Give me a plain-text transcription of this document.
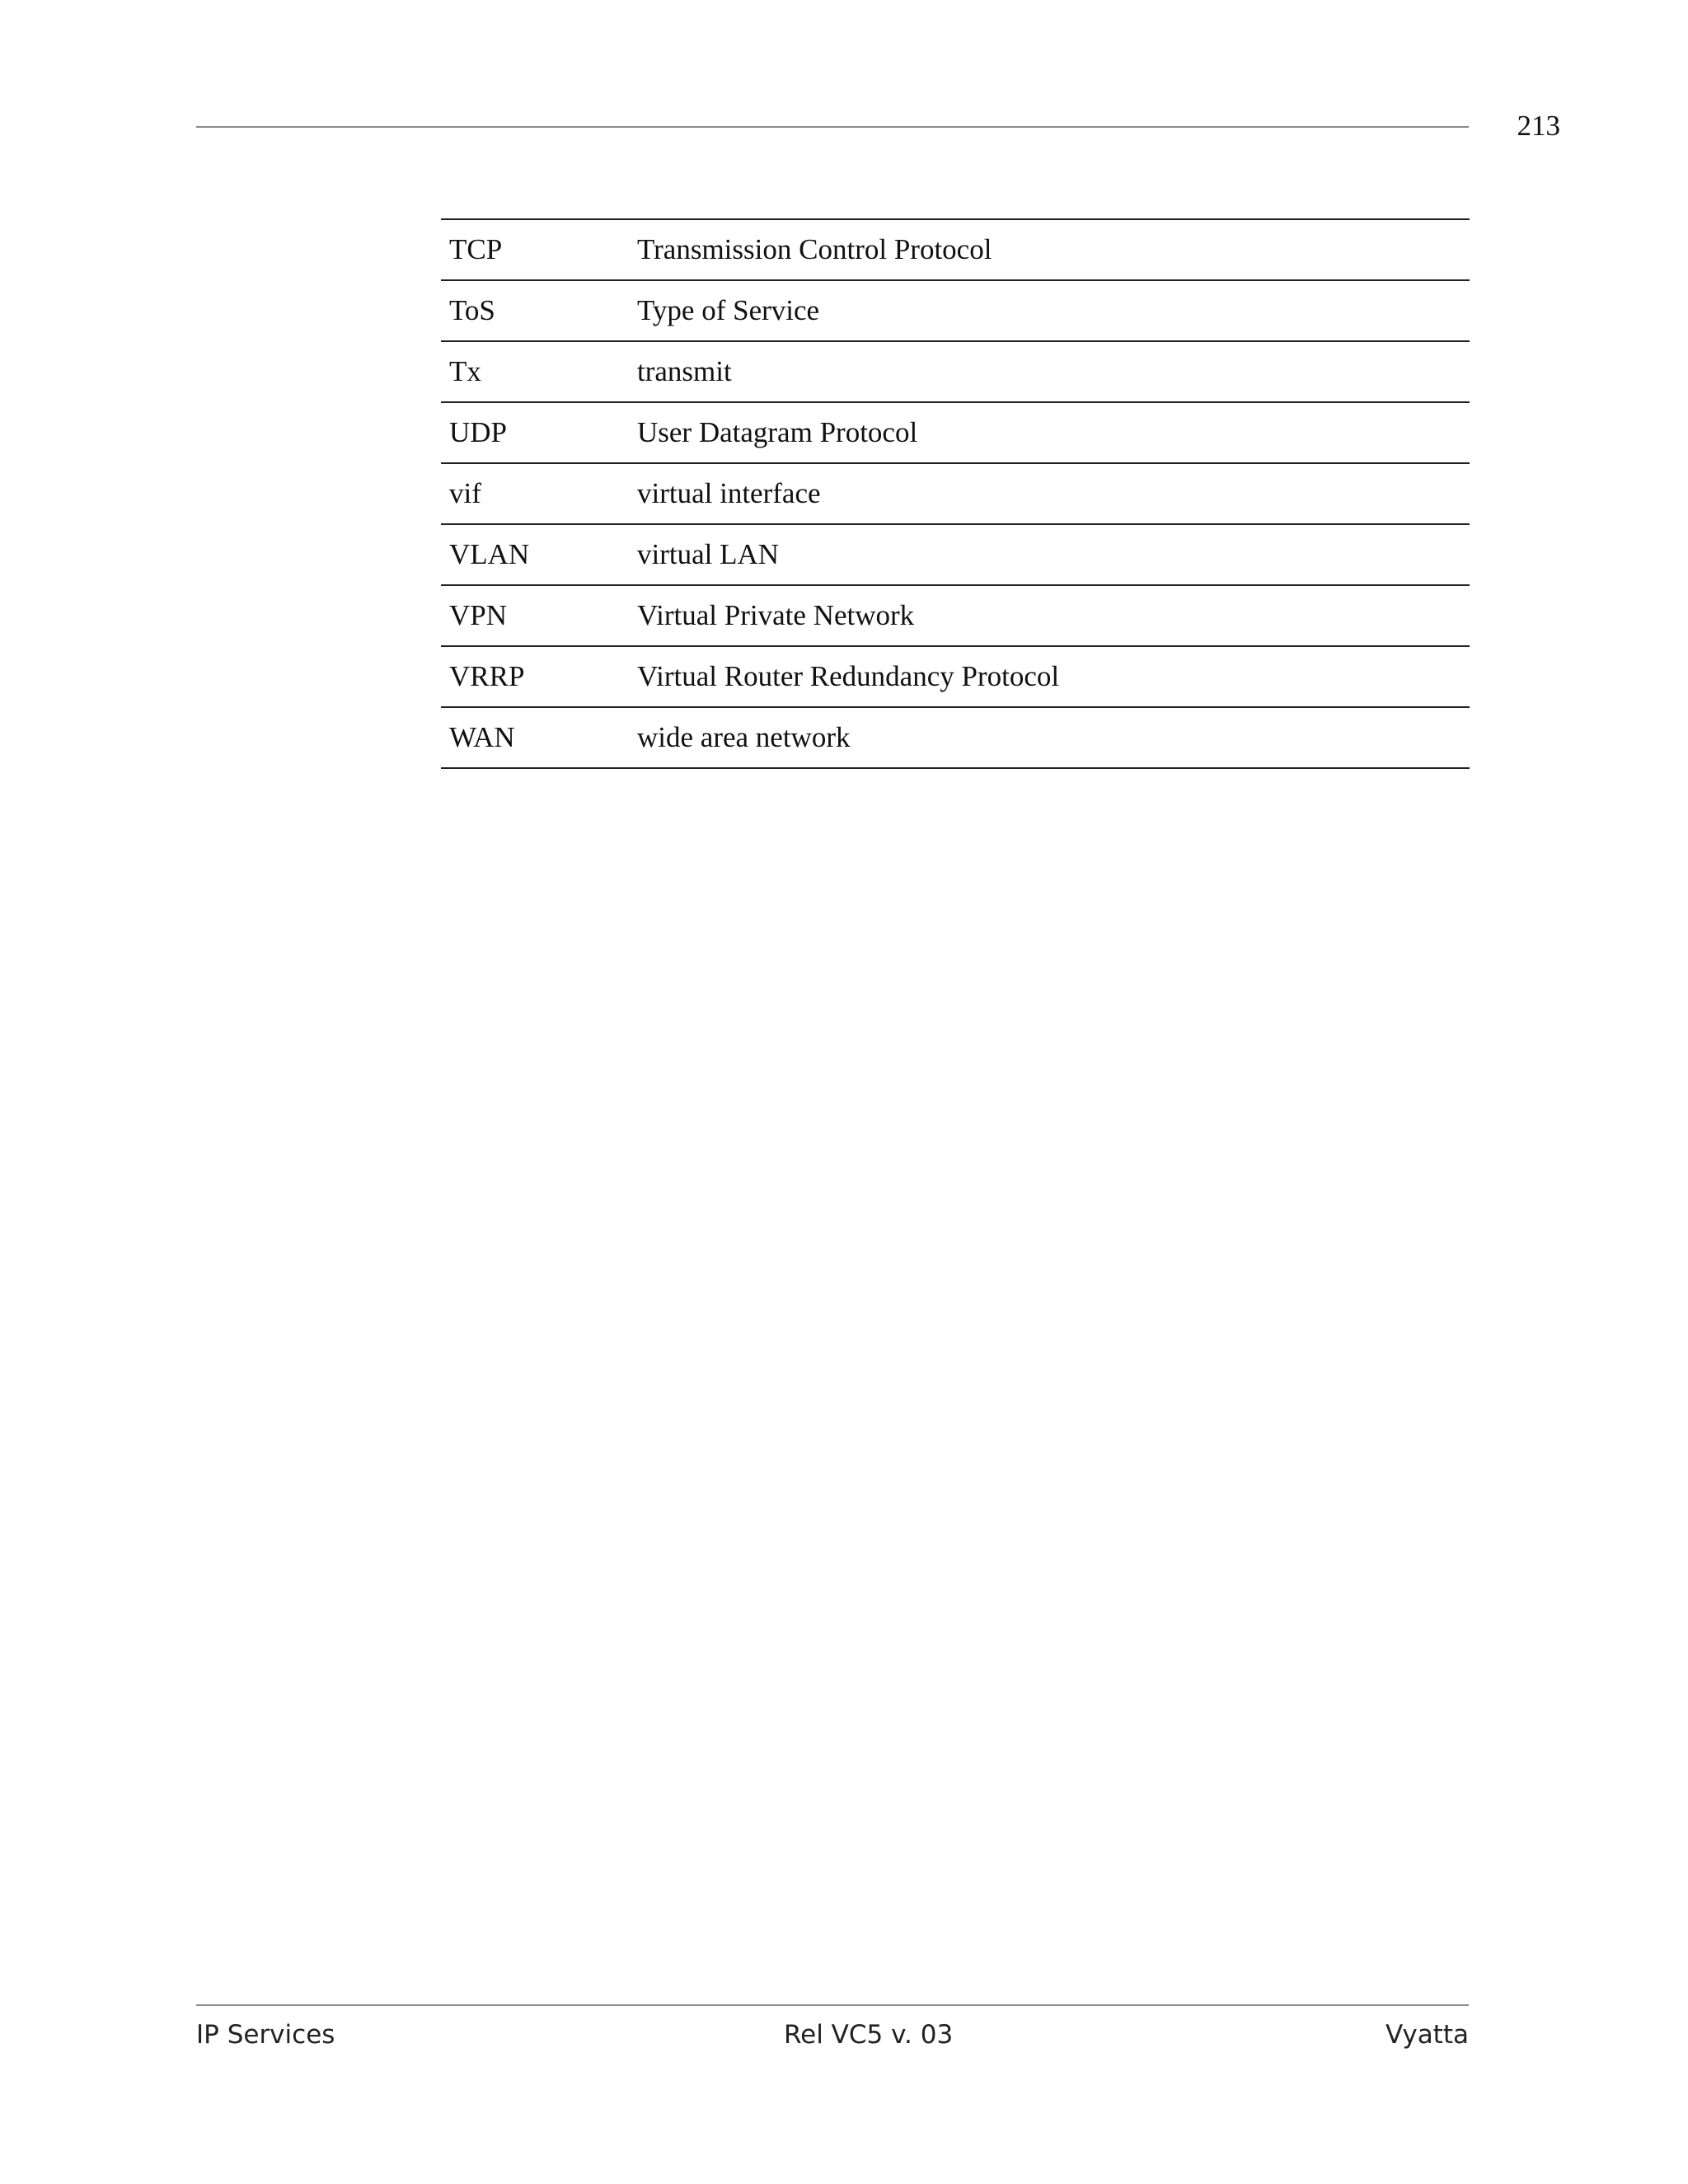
213
TCP	Transmission Control Protocol
ToS	Type of Service
Tx	transmit
UDP	User Datagram Protocol
vif	virtual interface
VLAN	virtual LAN
VPN	Virtual Private Network
VRRP	Virtual Router Redundancy Protocol
WAN	wide area network
IP Services	Rel VC5 v. 03	Vyatta
